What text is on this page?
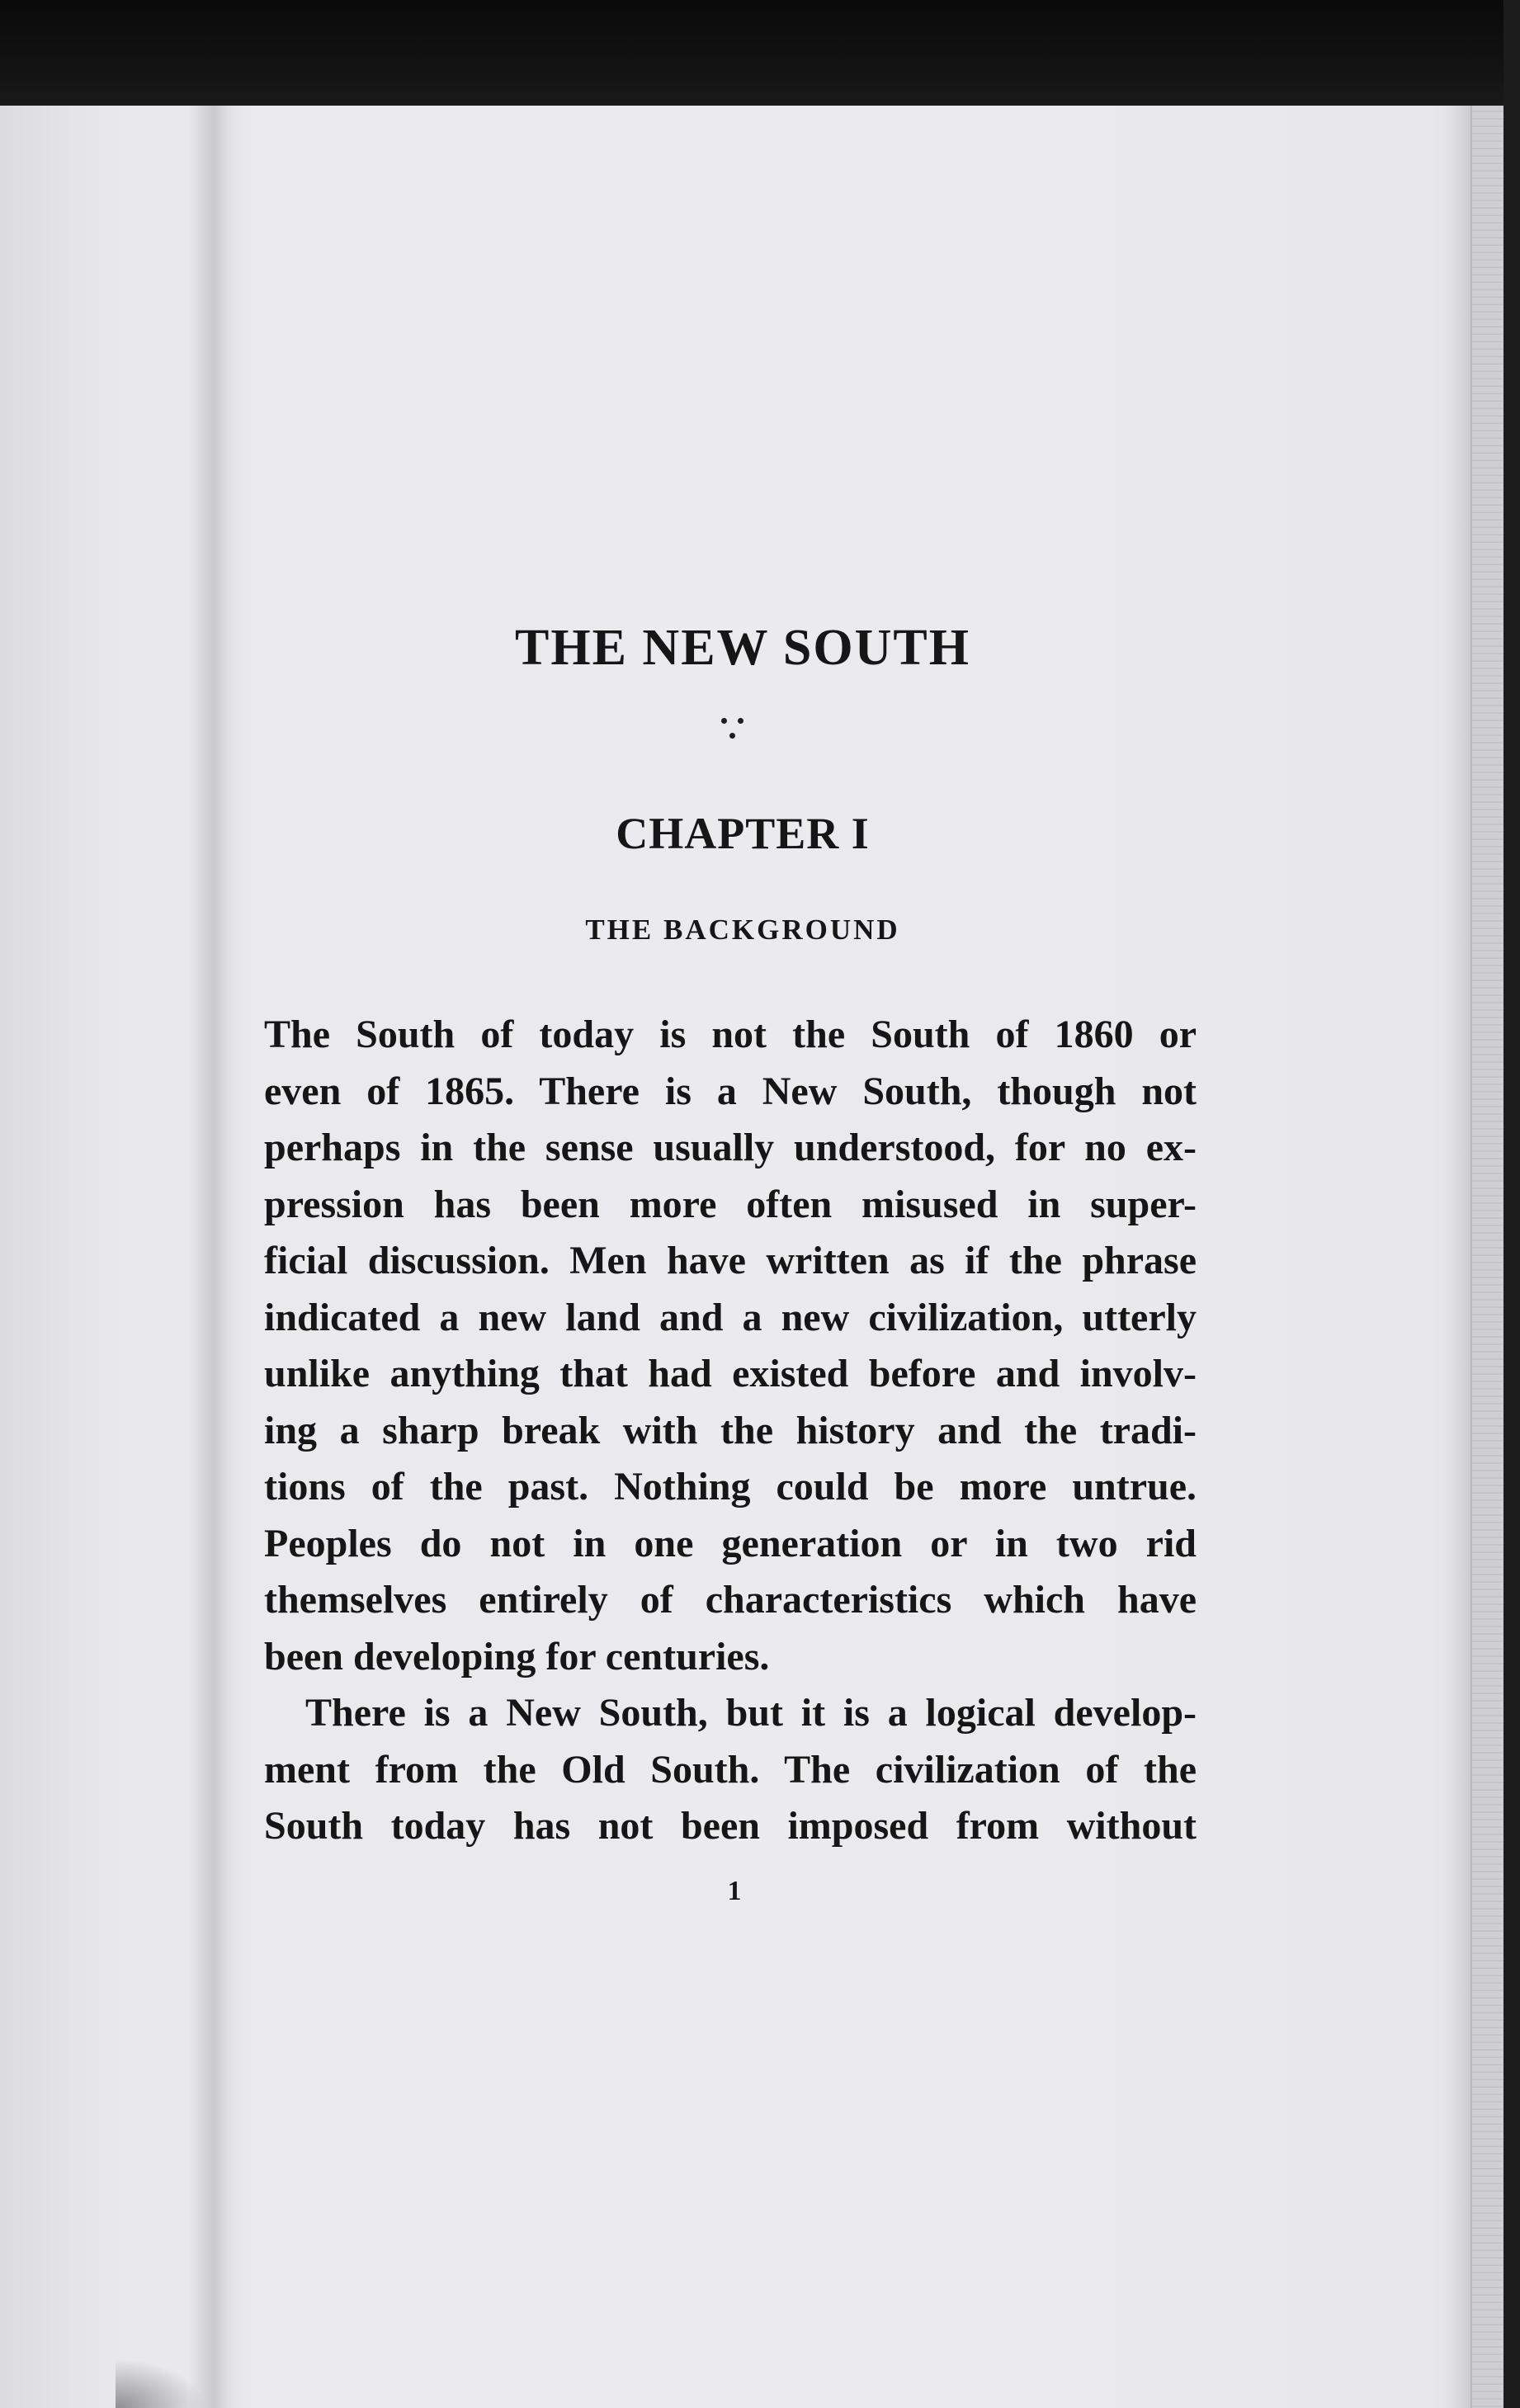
THE NEW SOUTH
CHAPTER I
THE BACKGROUND
The South of today is not the South of 1860 or
even of 1865. There is a New South, though not
perhaps in the sense usually understood, for no ex-
pression has been more often misused in super-
ficial discussion. Men have written as if the phrase
indicated a new land and a new civilization, utterly
unlike anything that had existed before and involv-
ing a sharp break with the history and the tradi-
tions of the past. Nothing could be more untrue.
Peoples do not in one generation or in two rid
themselves entirely of characteristics which have
been developing for centuries.
There is a New South, but it is a logical develop-
ment from the Old South. The civilization of the
South today has not been imposed from without
1
